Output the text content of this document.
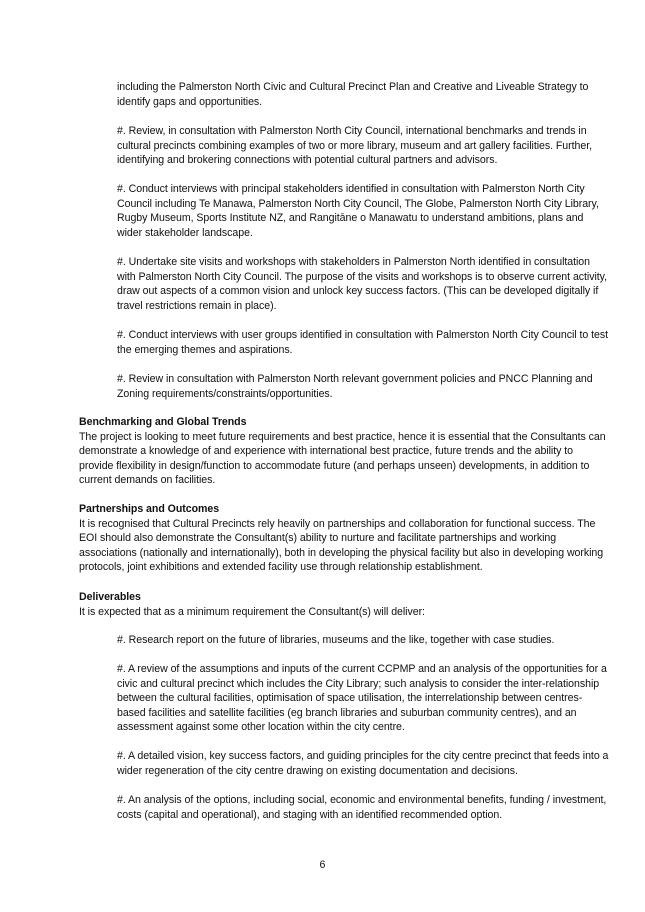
including the Palmerston North Civic and Cultural Precinct Plan and Creative and Liveable Strategy to identify gaps and opportunities.

#. Review, in consultation with Palmerston North City Council, international benchmarks and trends in cultural precincts combining examples of two or more library, museum and art gallery facilities. Further, identifying and brokering connections with potential cultural partners and advisors.

#. Conduct interviews with principal stakeholders identified in consultation with Palmerston North City Council including Te Manawa, Palmerston North City Council, The Globe, Palmerston North City Library, Rugby Museum, Sports Institute NZ, and Rangitāne o Manawatu to understand ambitions, plans and wider stakeholder landscape.

#. Undertake site visits and workshops with stakeholders in Palmerston North identified in consultation with Palmerston North City Council. The purpose of the visits and workshops is to observe current activity, draw out aspects of a common vision and unlock key success factors. (This can be developed digitally if travel restrictions remain in place).

#. Conduct interviews with user groups identified in consultation with Palmerston North City Council to test the emerging themes and aspirations.

#. Review in consultation with Palmerston North relevant government policies and PNCC Planning and Zoning requirements/constraints/opportunities.

Benchmarking and Global Trends
The project is looking to meet future requirements and best practice, hence it is essential that the Consultants can demonstrate a knowledge of and experience with international best practice, future trends and the ability to provide flexibility in design/function to accommodate future (and perhaps unseen) developments, in addition to current demands on facilities.
Partnerships and Outcomes
It is recognised that Cultural Precincts rely heavily on partnerships and collaboration for functional success. The EOI should also demonstrate the Consultant(s) ability to nurture and facilitate partnerships and working associations (nationally and internationally), both in developing the physical facility but also in developing working protocols, joint exhibitions and extended facility use through relationship establishment.
Deliverables
It is expected that as a minimum requirement the Consultant(s) will deliver:

#. Research report on the future of libraries, museums and the like, together with case studies.

#. A review of the assumptions and inputs of the current CCPMP and an analysis of the opportunities for a civic and cultural precinct which includes the City Library; such analysis to consider the inter-relationship between the cultural facilities, optimisation of space utilisation, the interrelationship between centres-based facilities and satellite facilities (eg branch libraries and suburban community centres), and an assessment against some other location within the city centre.

#. A detailed vision, key success factors, and guiding principles for the city centre precinct that feeds into a wider regeneration of the city centre drawing on existing documentation and decisions.

#. An analysis of the options, including social, economic and environmental benefits, funding / investment, costs (capital and operational), and staging with an identified recommended option.

6
